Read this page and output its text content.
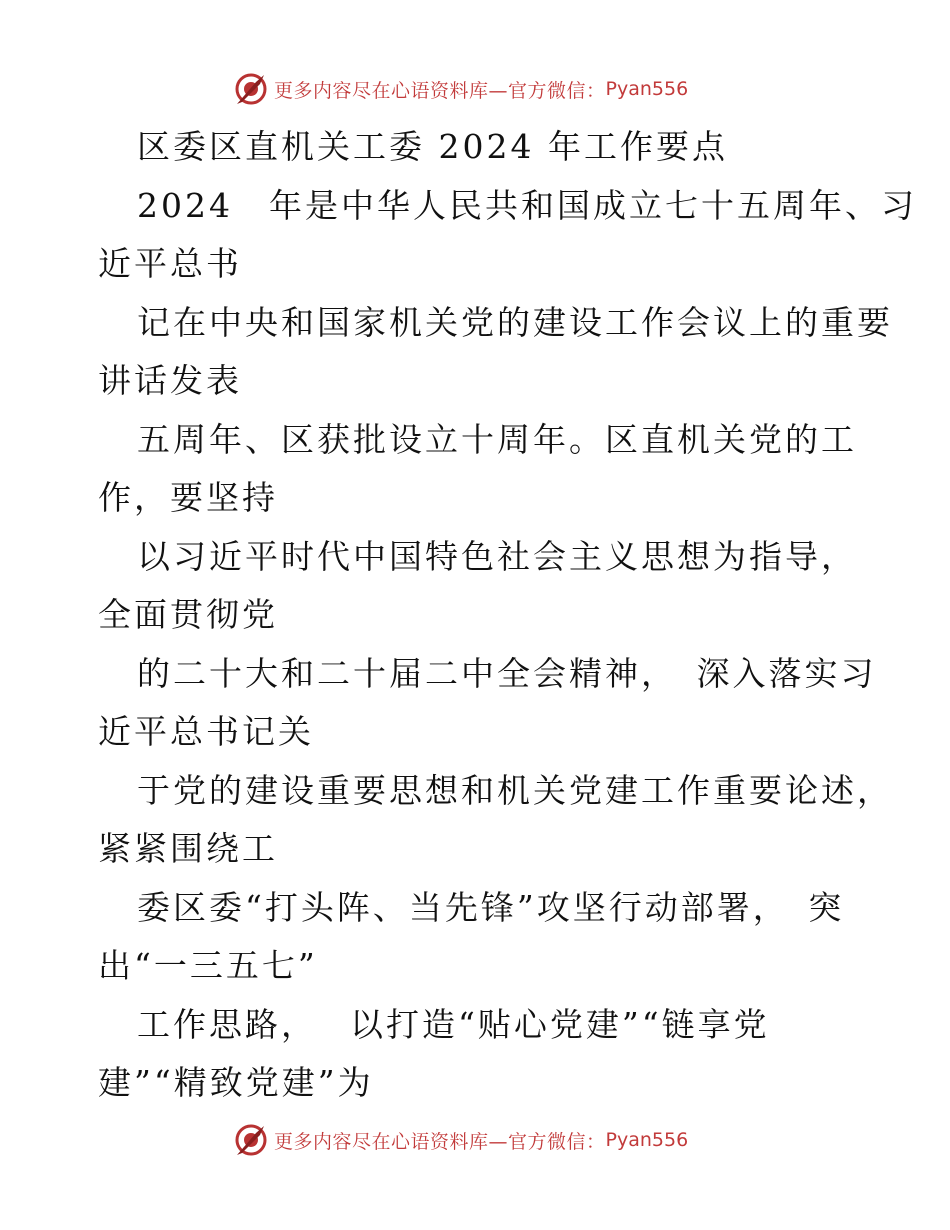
更多内容尽在心语资料库—官方微信： Pyan556
区委区直机关工委 2024 年工作要点
2024　年是中华人民共和国成立七十五周年、习
近平总书
记在中央和国家机关党的建设工作会议上的重要
讲话发表
五周年、区获批设立十周年。区直机关党的工
作，要坚持
以习近平时代中国特色社会主义思想为指导，
全面贯彻党
的二十大和二十届二中全会精神，　深入落实习
近平总书记关
于党的建设重要思想和机关党建工作重要论述，
紧紧围绕工
委区委“打头阵、当先锋”攻坚行动部署，　突
出“一三五七”
工作思路，　 以打造“贴心党建”“链享党
建”“精致党建”为
更多内容尽在心语资料库—官方微信： Pyan556
